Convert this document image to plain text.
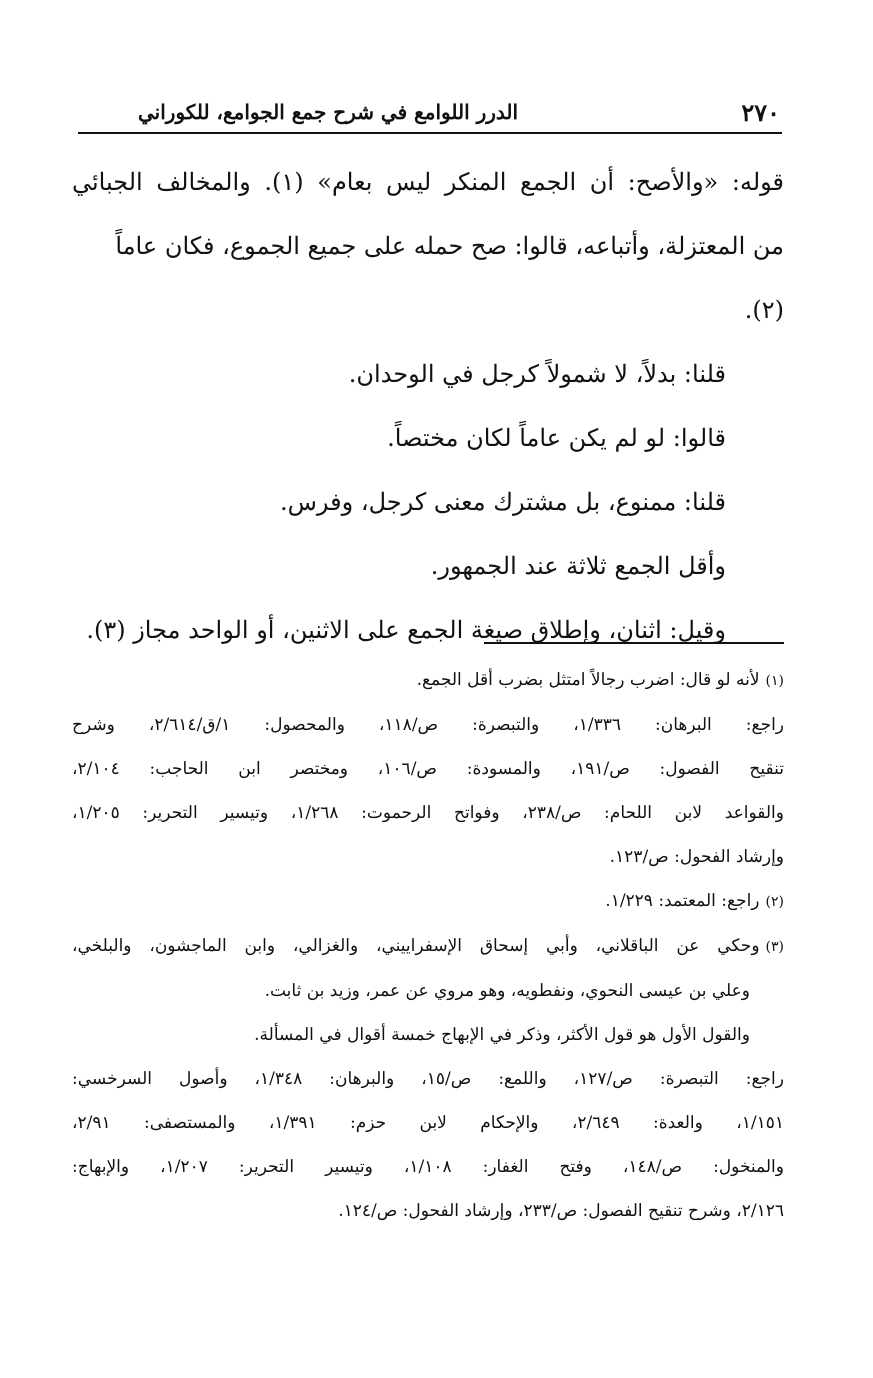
٢٧٠
الدرر اللوامع في شرح جمع الجوامع، للكوراني

قوله: «والأصح: أن الجمع المنكر ليس بعام» (١). والمخالف الجبائي

من المعتزلة، وأتباعه، قالوا: صح حمله على جميع الجموع، فكان عاماً (٢).

قلنا: بدلاً، لا شمولاً كرجل في الوحدان.

قالوا: لو لم يكن عاماً لكان مختصاً.

قلنا: ممنوع، بل مشترك معنى كرجل، وفرس.

وأقل الجمع ثلاثة عند الجمهور.

وقيل: اثنان، وإطلاق صيغة الجمع على الاثنين، أو الواحد مجاز (٣).

(١)لأنه لو قال: اضرب رجالاً امتثل بضرب أقل الجمع.

راجع: البرهان: ١/٣٣٦، والتبصرة: ص/١١٨، والمحصول: ١/ق/٢/٦١٤، وشرح

تنقيح الفصول: ص/١٩١، والمسودة: ص/١٠٦، ومختصر ابن الحاجب: ٢/١٠٤،

والقواعد لابن اللحام: ص/٢٣٨، وفواتح الرحموت: ١/٢٦٨، وتيسير التحرير: ١/٢٠٥،

وإرشاد الفحول: ص/١٢٣.

(٢)راجع: المعتمد: ١/٢٢٩.

(٣)وحكي عن الباقلاني، وأبي إسحاق الإسفراييني، والغزالي، وابن الماجشون، والبلخي،

وعلي بن عيسى النحوي، ونفطويه، وهو مروي عن عمر، وزيد بن ثابت.

والقول الأول هو قول الأكثر، وذكر في الإبهاج خمسة أقوال في المسألة.

راجع: التبصرة: ص/١٢٧، واللمع: ص/١٥، والبرهان: ١/٣٤٨، وأصول السرخسي:

١/١٥١، والعدة: ٢/٦٤٩، والإحكام لابن حزم: ١/٣٩١، والمستصفى: ٢/٩١،

والمنخول: ص/١٤٨، وفتح الغفار: ١/١٠٨، وتيسير التحرير: ١/٢٠٧، والإبهاج:

٢/١٢٦، وشرح تنقيح الفصول: ص/٢٣٣، وإرشاد الفحول: ص/١٢٤.
